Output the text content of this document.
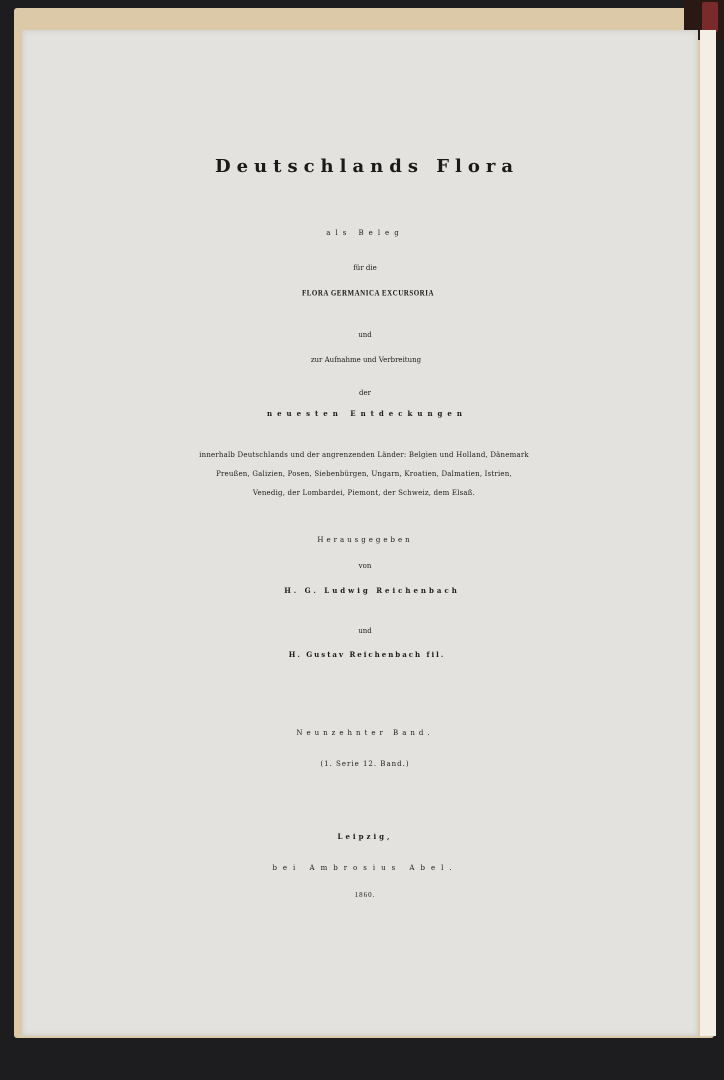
Deutschlands Flora
als Beleg
für die
FLORA GERMANICA EXCURSORIA
und
zur Aufnahme und Verbreitung
der
neuesten Entdeckungen
innerhalb Deutschlands und der angrenzenden Länder: Belgien und Holland, Dänemark
Preußen, Galizien, Posen, Siebenbürgen, Ungarn, Kroatien, Dalmatien, Istrien,
Venedig, der Lombardei, Piemont, der Schweiz, dem Elsaß.
Herausgegeben
von
H. G. Ludwig Reichenbach
und
H. Gustav Reichenbach fil.
Neunzehnter Band.
(1. Serie 12. Band.)
Leipzig,
bei Ambrosius Abel.
1860.
